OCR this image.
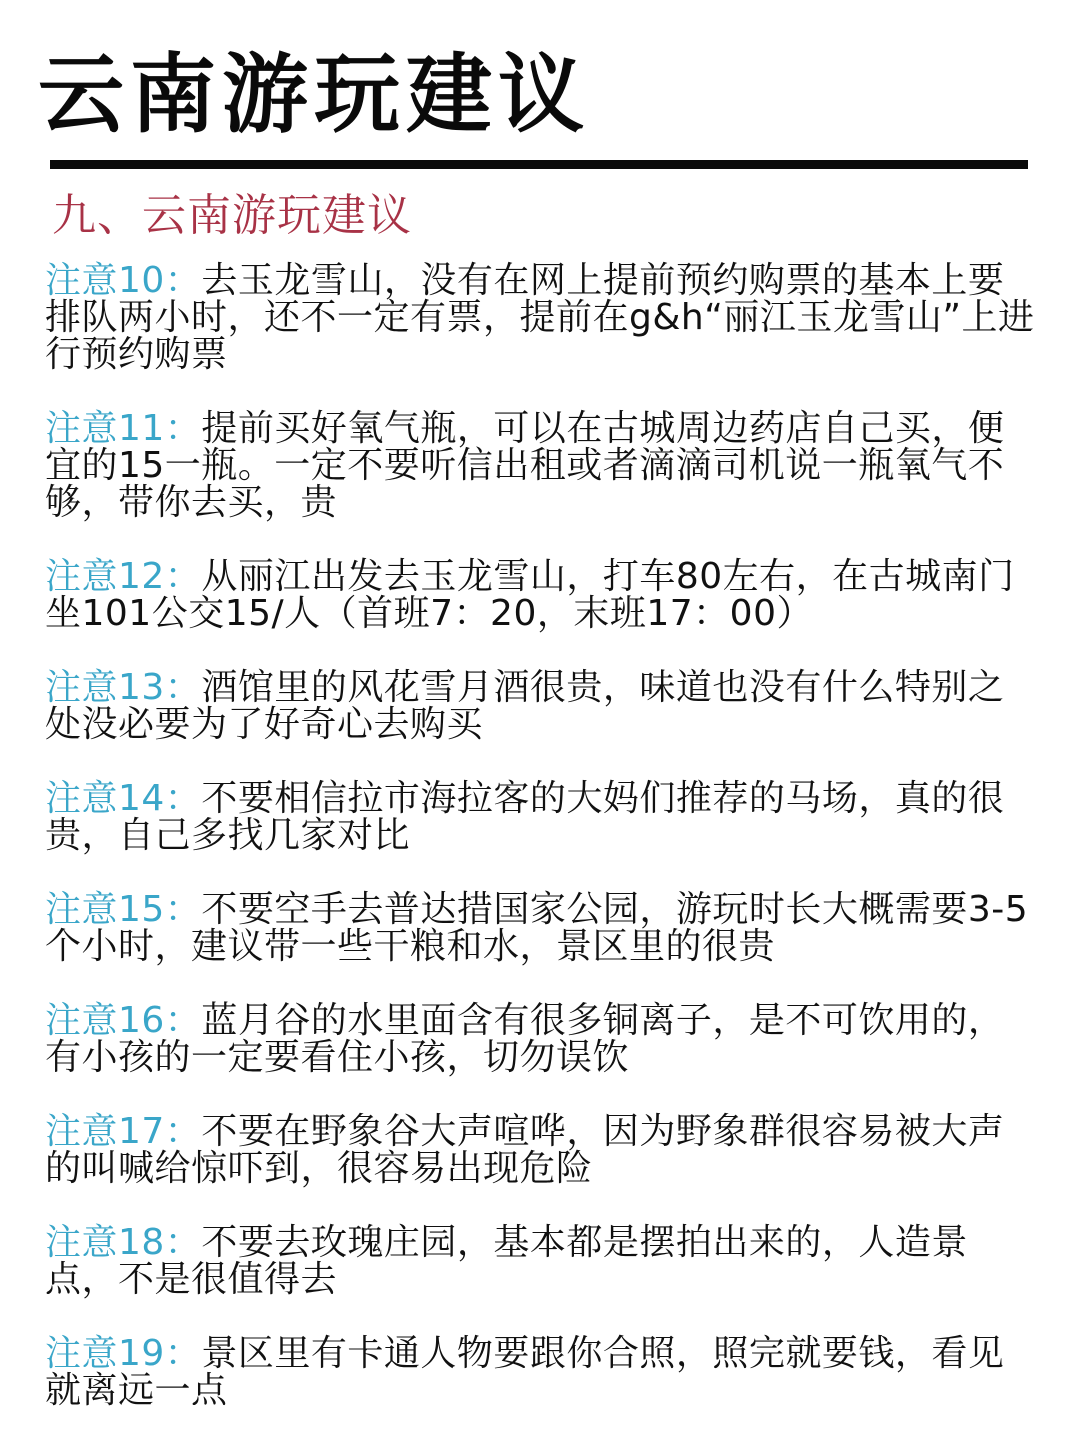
云南游玩建议
九、云南游玩建议
注意10：去玉龙雪山，没有在网上提前预约购票的基本上要排队两小时，还不一定有票，提前在g&h“丽江玉龙雪山”上进行预约购票
注意11：提前买好氧气瓶，可以在古城周边药店自己买，便宜的15一瓶。一定不要听信出租或者滴滴司机说一瓶氧气不够，带你去买，贵
注意12：从丽江出发去玉龙雪山，打车80左右，在古城南门坐101公交15/人（首班7：20，末班17：00）
注意13：酒馆里的风花雪月酒很贵，味道也没有什么特别之处没必要为了好奇心去购买
注意14：不要相信拉市海拉客的大妈们推荐的马场，真的很贵，自己多找几家对比
注意15：不要空手去普达措国家公园，游玩时长大概需要3-5个小时，建议带一些干粮和水，景区里的很贵
注意16：蓝月谷的水里面含有很多铜离子，是不可饮用的，有小孩的一定要看住小孩，切勿误饮
注意17：不要在野象谷大声喧哗，因为野象群很容易被大声的叫喊给惊吓到，很容易出现危险
注意18：不要去玫瑰庄园，基本都是摆拍出来的，人造景点，不是很值得去
注意19：景区里有卡通人物要跟你合照，照完就要钱，看见就离远一点
